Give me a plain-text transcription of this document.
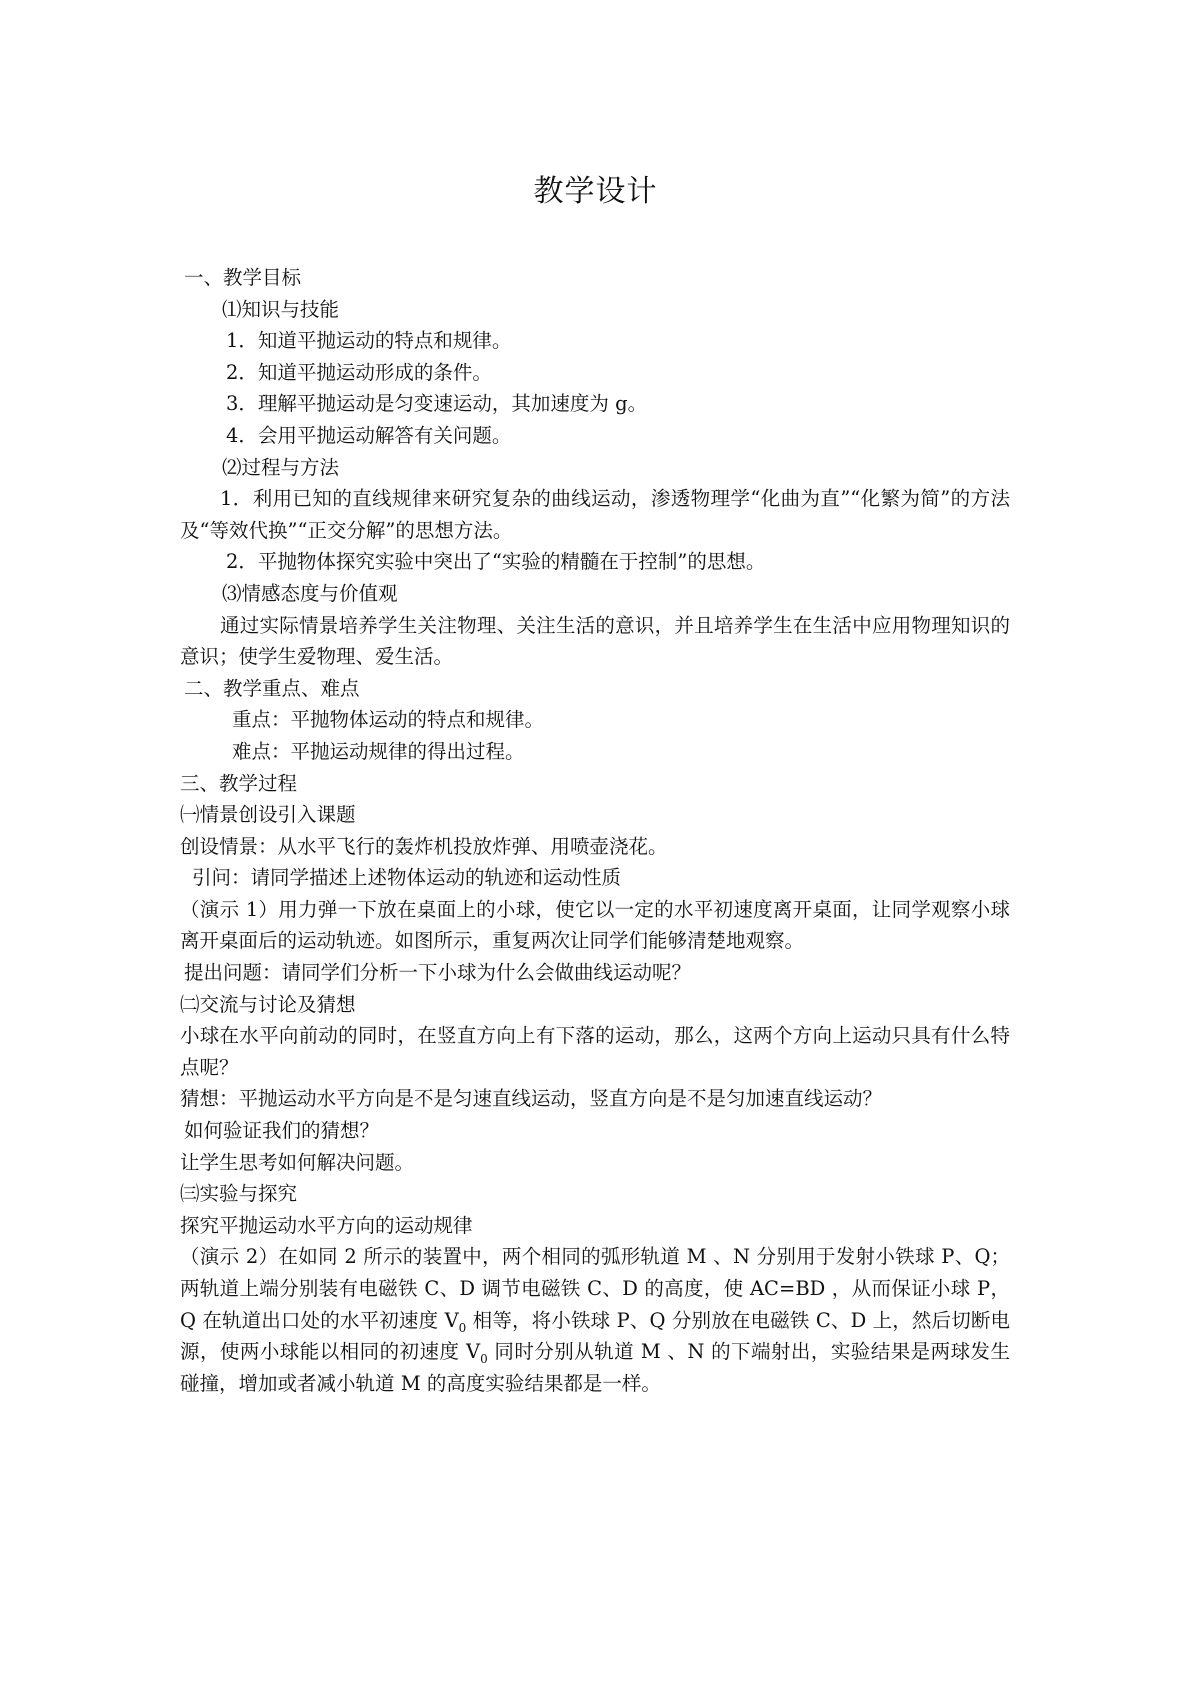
教学设计

一、教学目标

⑴知识与技能

1．知道平抛运动的特点和规律。

2．知道平抛运动形成的条件。

3．理解平抛运动是匀变速运动，其加速度为 g。

4．会用平抛运动解答有关问题。

⑵过程与方法

1．利用已知的直线规律来研究复杂的曲线运动，渗透物理学“化曲为直”“化繁为简”的方法及“等效代换”“正交分解”的思想方法。

2．平抛物体探究实验中突出了“实验的精髓在于控制”的思想。

⑶情感态度与价值观

通过实际情景培养学生关注物理、关注生活的意识，并且培养学生在生活中应用物理知识的意识；使学生爱物理、爱生活。

二、教学重点、难点

重点：平抛物体运动的特点和规律。

难点：平抛运动规律的得出过程。

三、教学过程

㈠情景创设引入课题

创设情景：从水平飞行的轰炸机投放炸弹、用喷壶浇花。

引问：请同学描述上述物体运动的轨迹和运动性质

（演示 1）用力弹一下放在桌面上的小球，使它以一定的水平初速度离开桌面，让同学观察小球离开桌面后的运动轨迹。如图所示，重复两次让同学们能够清楚地观察。

提出问题：请同学们分析一下小球为什么会做曲线运动呢？

㈡交流与讨论及猜想

小球在水平向前动的同时，在竖直方向上有下落的运动，那么，这两个方向上运动只具有什么特点呢？

猜想：平抛运动水平方向是不是匀速直线运动，竖直方向是不是匀加速直线运动？

如何验证我们的猜想？

让学生思考如何解决问题。

㈢实验与探究

探究平抛运动水平方向的运动规律

（演示 2）在如同 2 所示的装置中，两个相同的弧形轨道 M 、N 分别用于发射小铁球 P、Q；两轨道上端分别装有电磁铁 C、D 调节电磁铁 C、D 的高度，使 AC=BD ，从而保证小球 P，Q 在轨道出口处的水平初速度 $V_0$ 相等，将小铁球 P、Q 分别放在电磁铁 C、D 上，然后切断电源，使两小球能以相同的初速度 $V_0$ 同时分别从轨道 M 、N 的下端射出，实验结果是两球发生碰撞，增加或者减小轨道 M 的高度实验结果都是一样。
